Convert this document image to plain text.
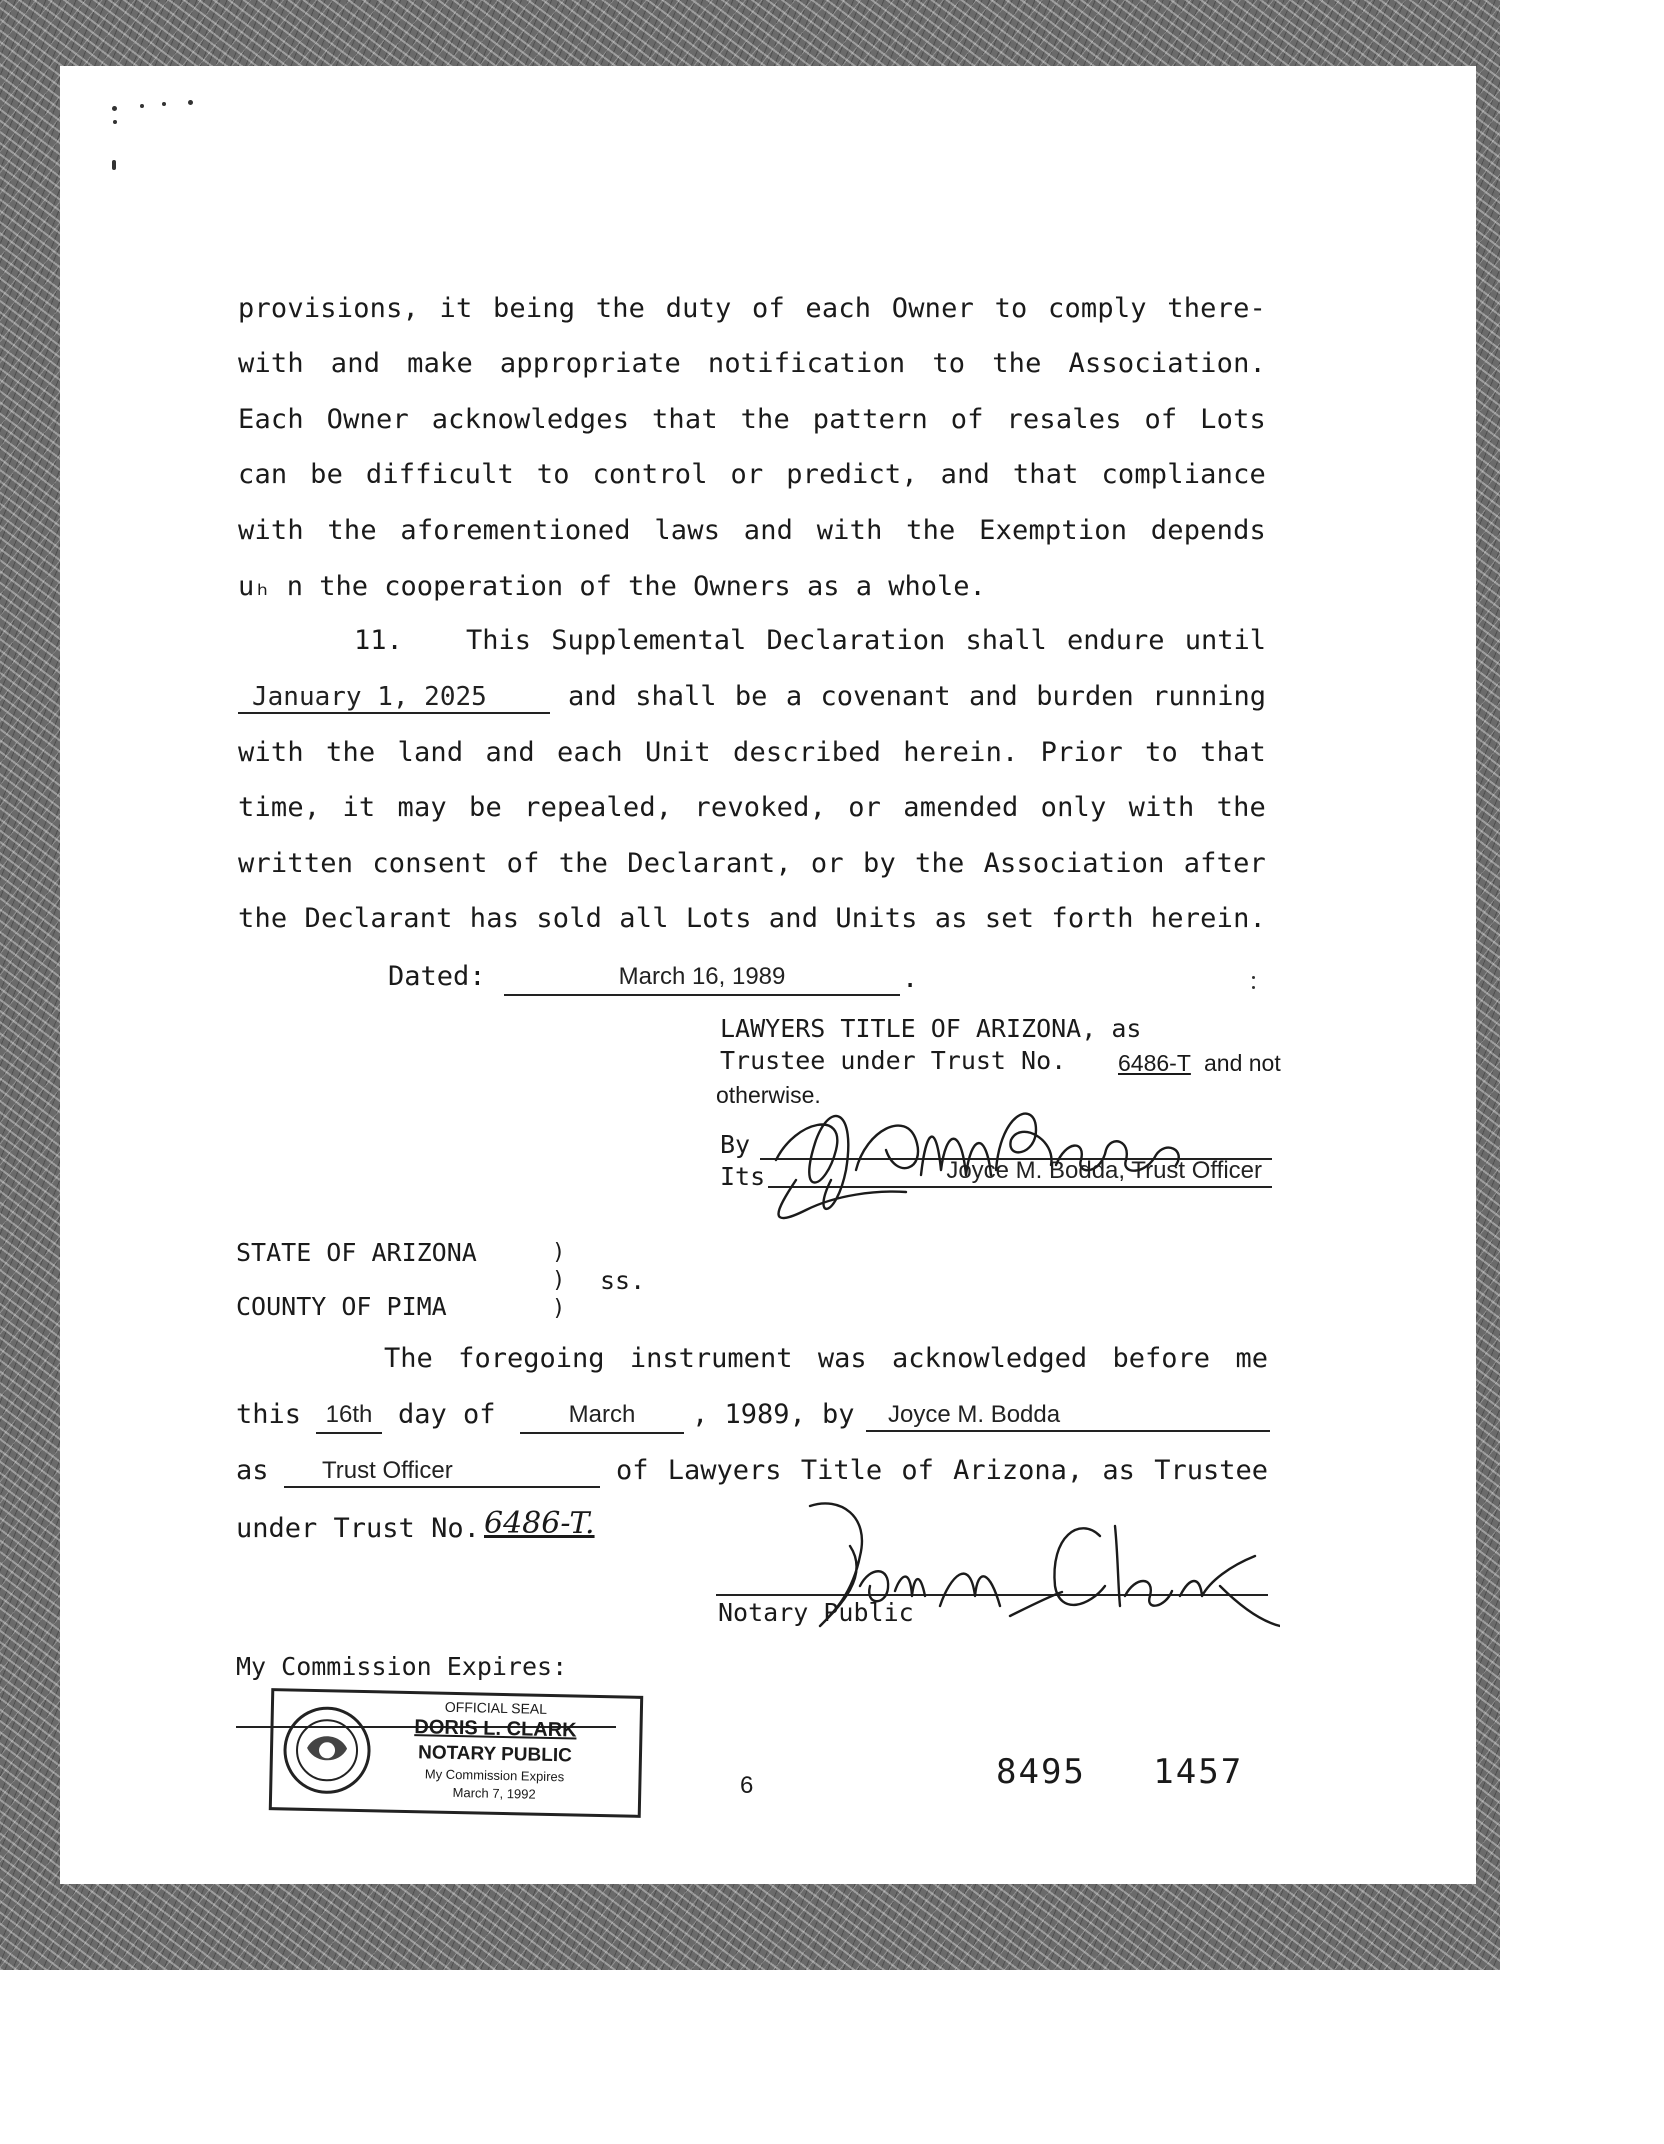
provisions, it being the duty of each Owner to comply there-
with and make appropriate notification to the Association.
Each Owner acknowledges that the pattern of resales of Lots
can be difficult to control or predict, and that compliance
with the aforementioned laws and with the Exemption depends
uₕ n the cooperation of the Owners as a whole.
11. This Supplemental Declaration shall endure until
January 1, 2025	and shall be a covenant and burden running
with the land and each Unit described herein. Prior to that
time, it may be repealed, revoked, or amended only with the
written consent of the Declarant, or by the Association after
the Declarant has sold all Lots and Units as set forth herein.
Dated:	March 16, 1989	.
LAWYERS TITLE OF ARIZONA, as
Trustee under Trust No. 6486-T and not
otherwise.
By
Its	Joyce M. Bodda, Trust Officer
STATE OF ARIZONA
COUNTY OF PIMA
)
)
)
ss.
The foregoing instrument was acknowledged before me
this	16th day of	March	, 1989, by	Joyce M. Bodda
as	Trust Officer	of Lawyers Title of Arizona, as Trustee
under Trust No. 6486-T.
Notary Public
My Commission Expires:
OFFICIAL SEAL
DORIS L. CLARK
NOTARY PUBLIC
My Commission Expires
March 7, 1992	6	8495   1457
